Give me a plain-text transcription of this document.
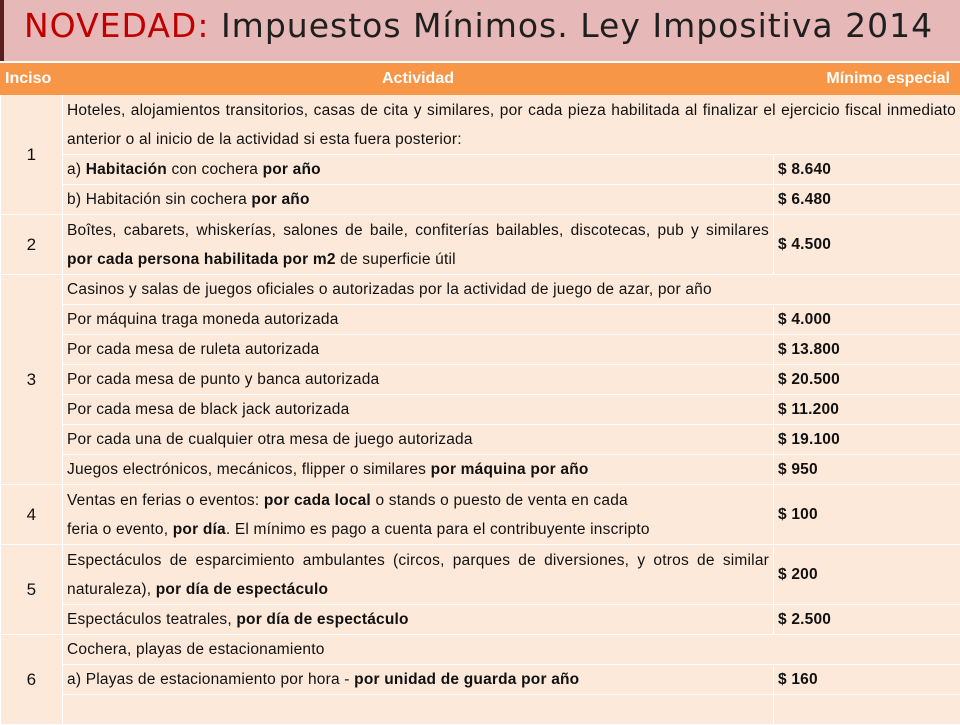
NOVEDAD: Impuestos Mínimos. Ley Impositiva 2014
Inciso	Actividad	Mínimo especial
1	Hoteles, alojamientos transitorios, casas de cita y similares, por cada pieza habilitada al finalizar el ejercicio fiscal inmediato anterior o al inicio de la actividad si esta fuera posterior:	
	a) Habitación con cochera por año	$ 8.640
	b) Habitación sin cochera por año	$ 6.480
2	Boîtes, cabarets, whiskerías, salones de baile, confiterías bailables, discotecas, pub y similares por cada persona habilitada por m2 de superficie útil	$ 4.500
3	Casinos y salas de juegos oficiales o autorizadas por la actividad de juego de azar, por año	
	Por máquina traga moneda autorizada	$ 4.000
	Por cada mesa de ruleta autorizada	$ 13.800
	Por cada mesa de punto y banca autorizada	$ 20.500
	Por cada mesa de black jack autorizada	$ 11.200
	Por cada una de cualquier otra mesa de juego autorizada	$ 19.100
	Juegos electrónicos, mecánicos, flipper o similares por máquina por año	$ 950
4	Ventas en ferias o eventos: por cada local o stands o puesto de venta en cada
feria o evento, por día. El mínimo es pago a cuenta para el contribuyente inscripto	$ 100
5	Espectáculos de esparcimiento ambulantes (circos, parques de diversiones, y otros de similar naturaleza), por día de espectáculo	$ 200
	Espectáculos teatrales, por día de espectáculo	$ 2.500
6	Cochera, playas de estacionamiento	
	a) Playas de estacionamiento por hora - por unidad de guarda por año	$ 160
